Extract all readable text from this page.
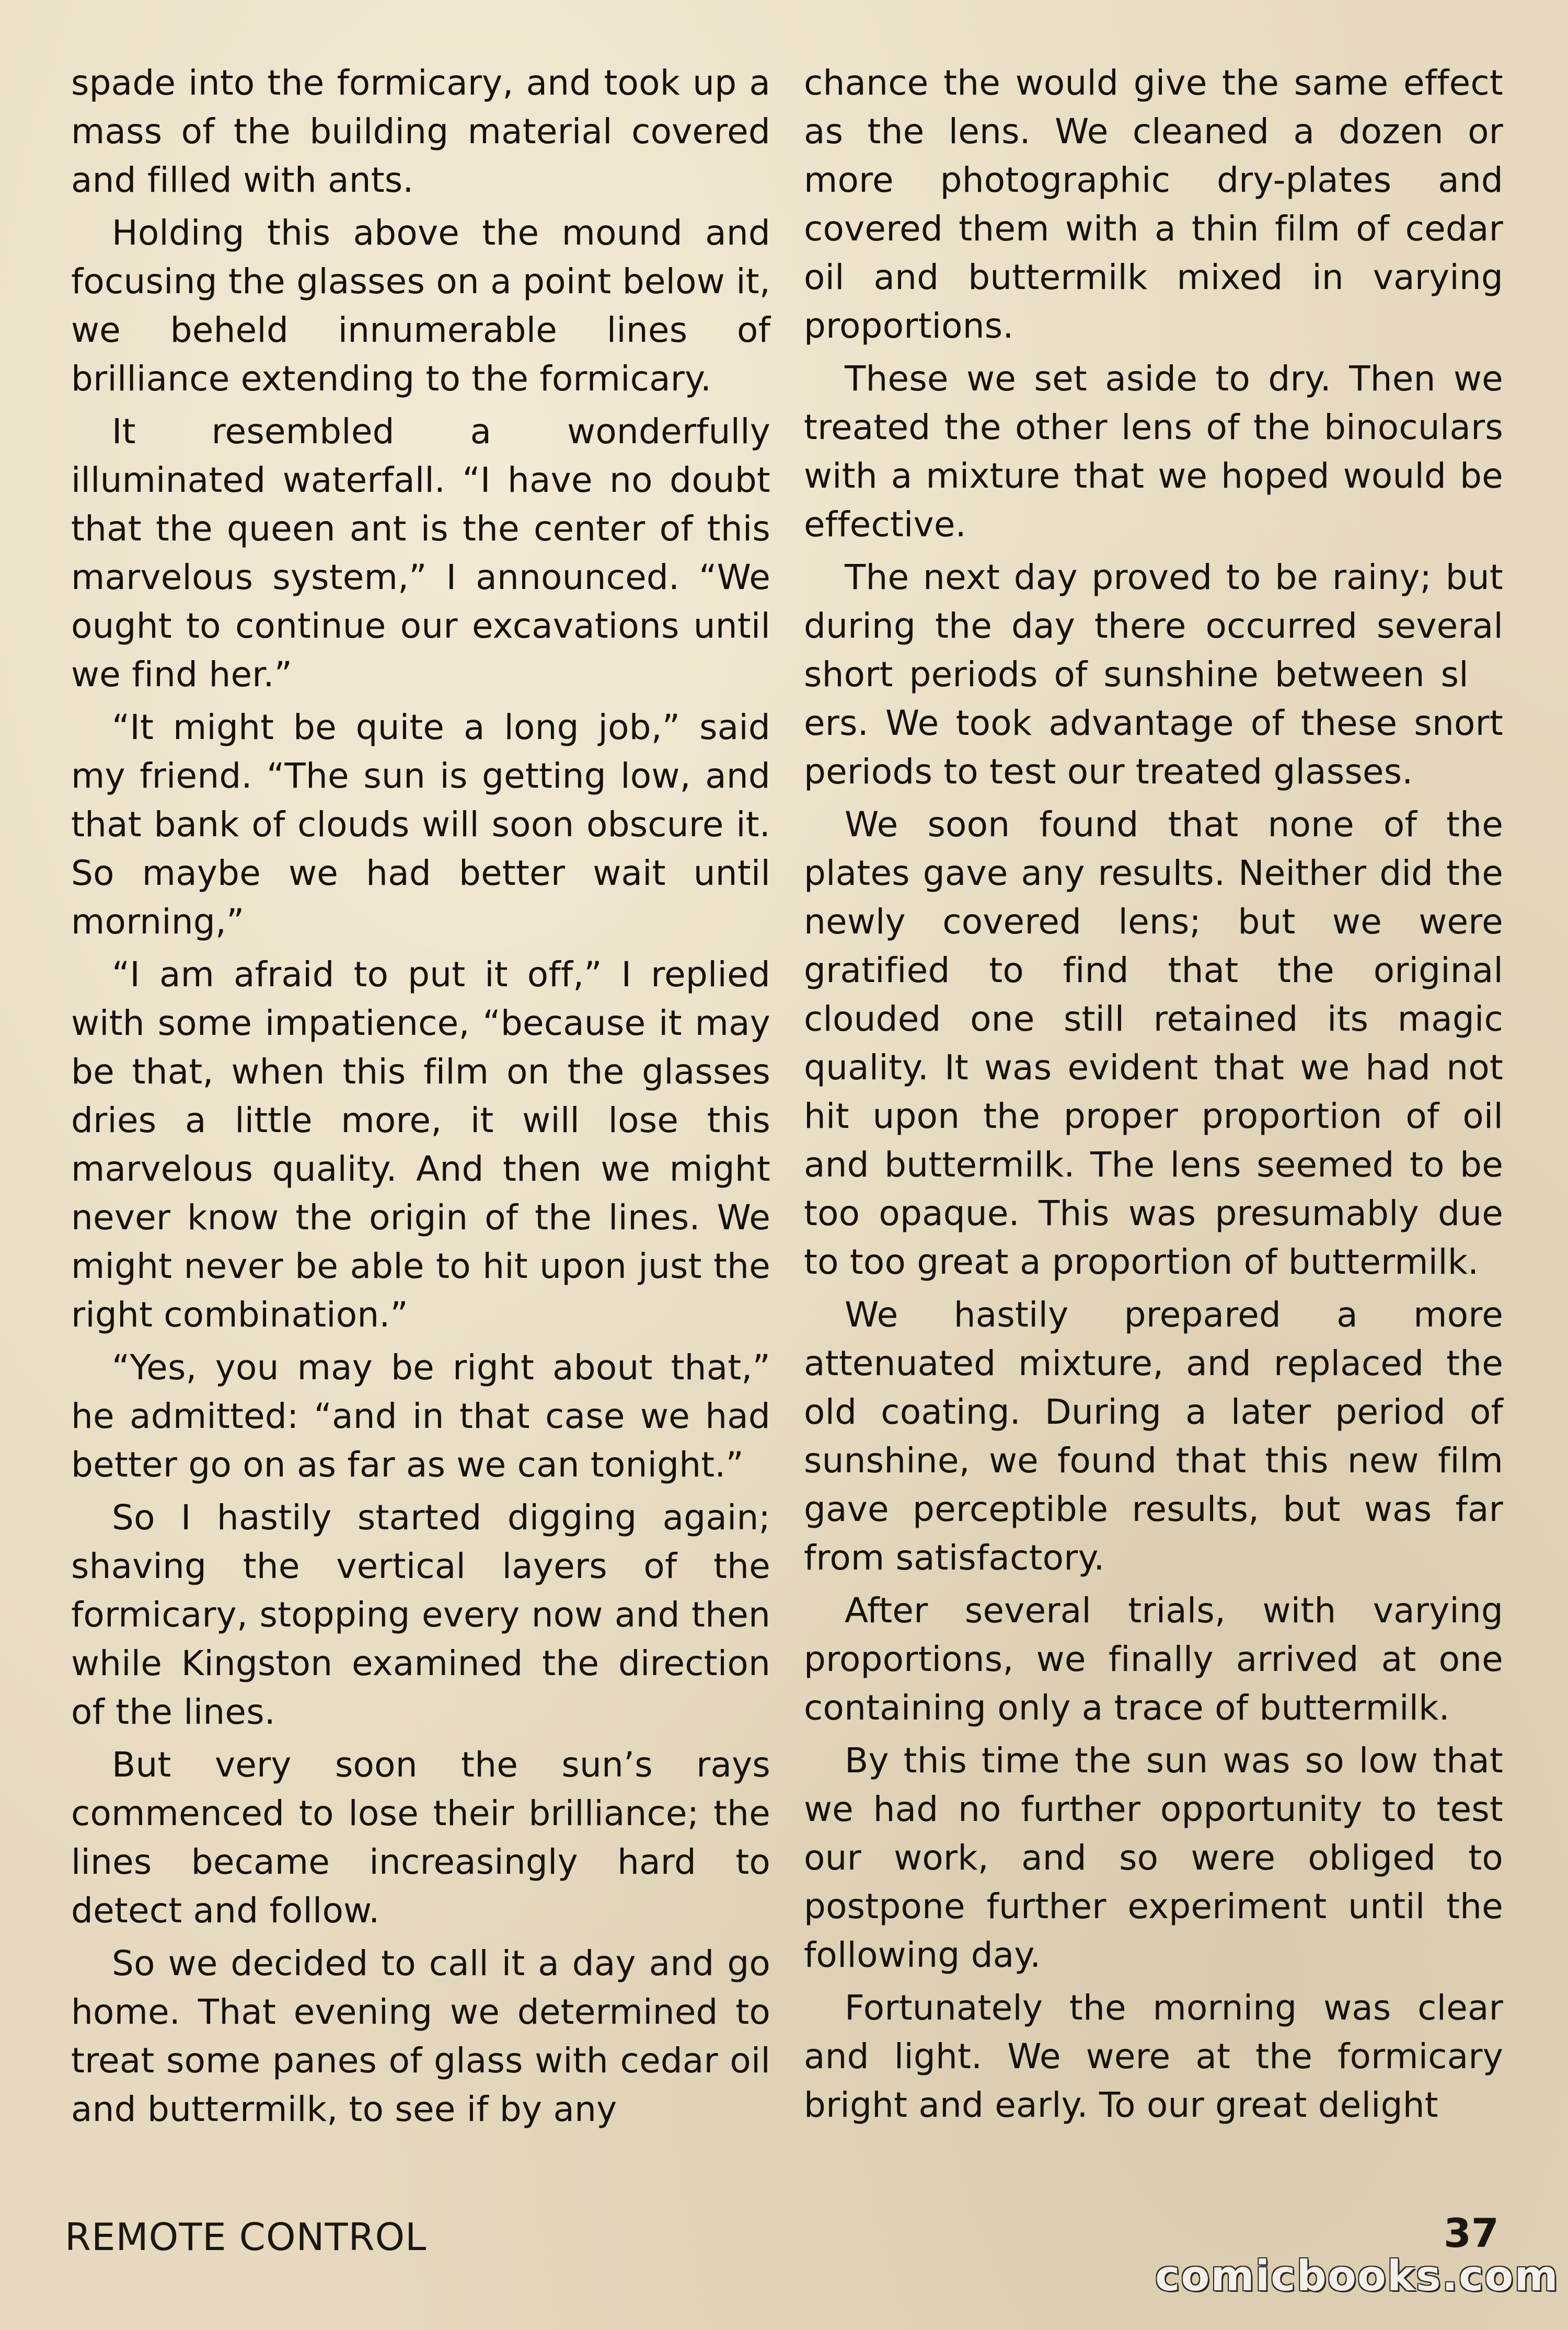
spade into the formicary, and took up a mass of the building material covered and filled with ants.

Holding this above the mound and focusing the glasses on a point below it, we beheld innumerable lines of brilliance extending to the formicary.

It resembled a wonderfully illuminated waterfall. “I have no doubt that the queen ant is the center of this marvelous system,” I announced. “We ought to continue our excavations until we find her.”

“It might be quite a long job,” said my friend. “The sun is getting low, and that bank of clouds will soon obscure it. So maybe we had better wait until morning,”

“I am afraid to put it off,” I replied with some impatience, “because it may be that, when this film on the glasses dries a little more, it will lose this marvelous quality. And then we might never know the origin of the lines. We might never be able to hit upon just the right combination.”

“Yes, you may be right about that,” he admitted: “and in that case we had better go on as far as we can tonight.”

So I hastily started digging again; shaving the vertical layers of the formicary, stopping every now and then while Kingston examined the direction of the lines.

But very soon the sun’s rays commenced to lose their brilliance; the lines became increasingly hard to detect and follow.

So we decided to call it a day and go home. That evening we determined to treat some panes of glass with cedar oil and buttermilk, to see if by any

chance the would give the same effect as the lens. We cleaned a dozen or more photographic dry-plates and covered them with a thin film of cedar oil and buttermilk mixed in varying proportions.

These we set aside to dry. Then we treated the other lens of the binoculars with a mixture that we hoped would be effective.

The next day proved to be rainy; but during the day there occurred several short periods of sunshine between sl ers. We took advantage of these snort periods to test our treated glasses.

We soon found that none of the plates gave any results. Neither did the newly covered lens; but we were gratified to find that the original clouded one still retained its magic quality. It was evident that we had not hit upon the proper proportion of oil and buttermilk. The lens seemed to be too opaque. This was presumably due to too great a proportion of buttermilk.

We hastily prepared a more attenuated mixture, and replaced the old coating. During a later period of sunshine, we found that this new film gave perceptible results, but was far from satisfactory.

After several trials, with varying proportions, we finally arrived at one containing only a trace of buttermilk.

By this time the sun was so low that we had no further opportunity to test our work, and so were obliged to postpone further experiment until the following day.

Fortunately the morning was clear and light. We were at the formicary bright and early. To our great delight

REMOTE CONTROL	37
comicbooks.com
